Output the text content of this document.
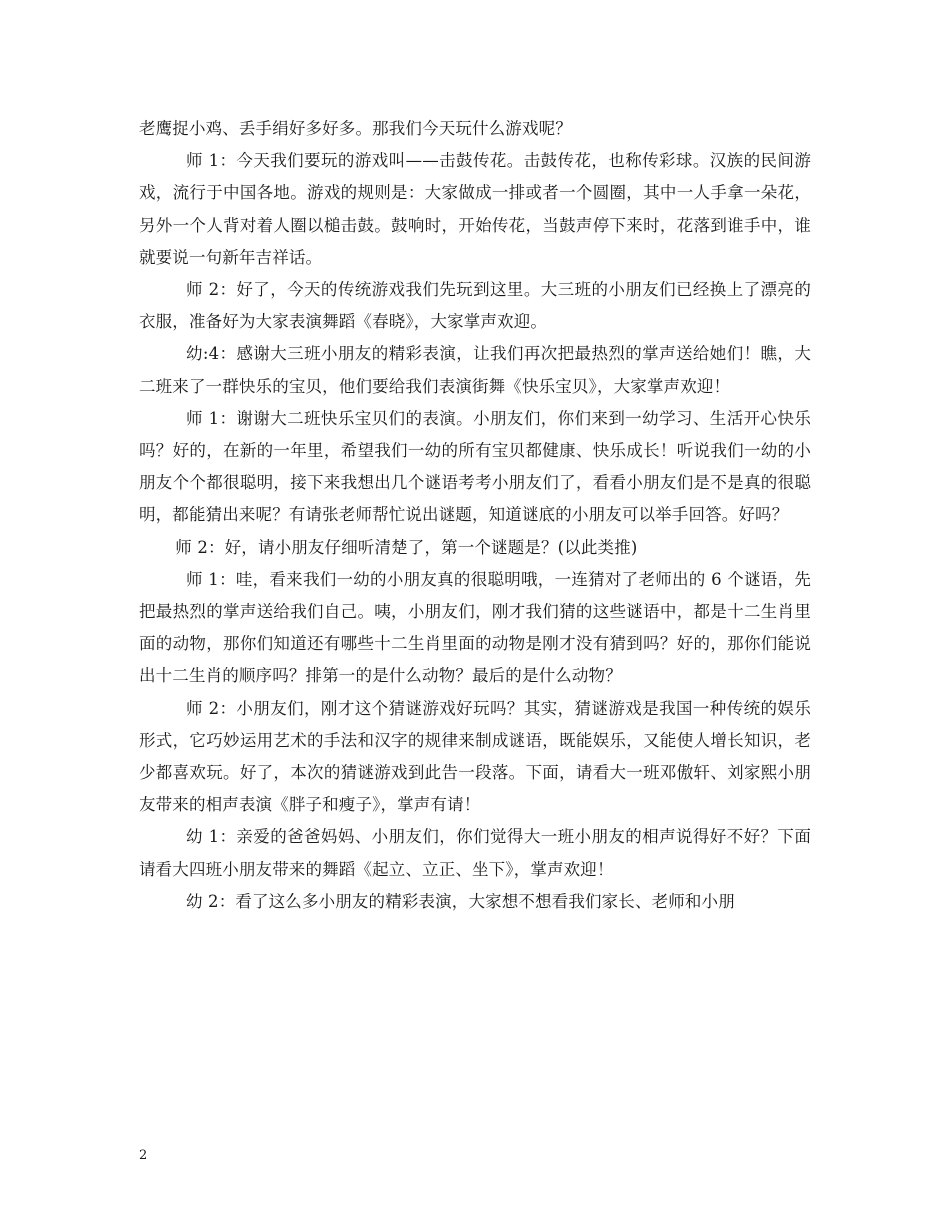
老鹰捉小鸡、丢手绢好多好多。那我们今天玩什么游戏呢？

师 1：今天我们要玩的游戏叫——击鼓传花。击鼓传花，也称传彩球。汉族的民间游戏，流行于中国各地。游戏的规则是：大家做成一排或者一个圆圈，其中一人手拿一朵花，另外一个人背对着人圈以槌击鼓。鼓响时，开始传花，当鼓声停下来时，花落到谁手中，谁就要说一句新年吉祥话。

师 2：好了，今天的传统游戏我们先玩到这里。大三班的小朋友们已经换上了漂亮的衣服，准备好为大家表演舞蹈《春晓》，大家掌声欢迎。

幼:4：感谢大三班小朋友的精彩表演，让我们再次把最热烈的掌声送给她们！瞧，大二班来了一群快乐的宝贝，他们要给我们表演街舞《快乐宝贝》，大家掌声欢迎！

师 1：谢谢大二班快乐宝贝们的表演。小朋友们，你们来到一幼学习、生活开心快乐吗？好的，在新的一年里，希望我们一幼的所有宝贝都健康、快乐成长！听说我们一幼的小朋友个个都很聪明，接下来我想出几个谜语考考小朋友们了，看看小朋友们是不是真的很聪明，都能猜出来呢？有请张老师帮忙说出谜题，知道谜底的小朋友可以举手回答。好吗？

师 2：好，请小朋友仔细听清楚了，第一个谜题是？(以此类推)

师 1：哇，看来我们一幼的小朋友真的很聪明哦，一连猜对了老师出的 6 个谜语，先把最热烈的掌声送给我们自己。咦，小朋友们，刚才我们猜的这些谜语中，都是十二生肖里面的动物，那你们知道还有哪些十二生肖里面的动物是刚才没有猜到吗？好的，那你们能说出十二生肖的顺序吗？排第一的是什么动物？最后的是什么动物？

师 2：小朋友们，刚才这个猜谜游戏好玩吗？其实，猜谜游戏是我国一种传统的娱乐形式，它巧妙运用艺术的手法和汉字的规律来制成谜语，既能娱乐，又能使人增长知识，老少都喜欢玩。好了，本次的猜谜游戏到此告一段落。下面，请看大一班邓傲轩、刘家熙小朋友带来的相声表演《胖子和瘦子》，掌声有请！

幼 1：亲爱的爸爸妈妈、小朋友们，你们觉得大一班小朋友的相声说得好不好？下面请看大四班小朋友带来的舞蹈《起立、立正、坐下》，掌声欢迎！

幼 2：看了这么多小朋友的精彩表演，大家想不想看我们家长、老师和小朋

2
